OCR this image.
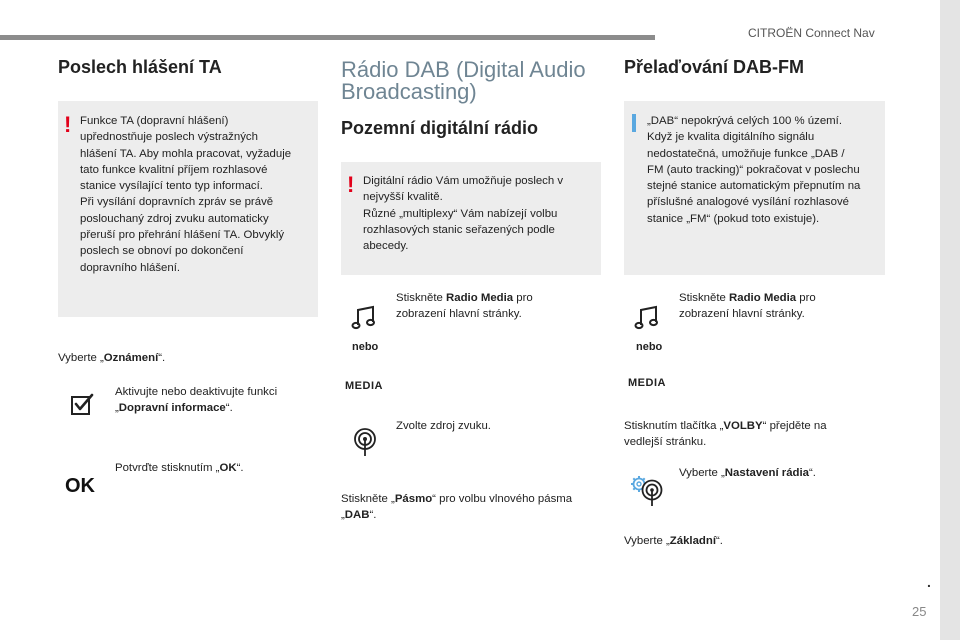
CITROËN Connect Nav
.
25
Poslech hlášení TA
! Funkce TA (dopravní hlášení)
upřednostňuje poslech výstražných
hlášení TA. Aby mohla pracovat, vyžaduje
tato funkce kvalitní příjem rozhlasové
stanice vysílající tento typ informací.
Při vysílání dopravních zpráv se právě
poslouchaný zdroj zvuku automaticky
přeruší pro přehrání hlášení TA. Obvyklý
poslech se obnoví po dokončení
dopravního hlášení.
Vyberte „Oznámení“.
Aktivujte nebo deaktivujte funkci
„Dopravní informace“.
OK
Potvrďte stisknutím „OK“.
Rádio DAB (Digital Audio
Broadcasting)
Pozemní digitální rádio
! Digitální rádio Vám umožňuje poslech v
nejvyšší kvalitě.
Různé „multiplexy“ Vám nabízejí volbu
rozhlasových stanic seřazených podle
abecedy.
nebo
MEDIA
Stiskněte Radio Media pro
zobrazení hlavní stránky.
Zvolte zdroj zvuku.
Stiskněte „Pásmo“ pro volbu vlnového pásma
„DAB“.
Přelaďování DAB-FM
„DAB“ nepokrývá celých 100 % území.
Když je kvalita digitálního signálu
nedostatečná, umožňuje funkce „DAB /
FM (auto tracking)“ pokračovat v poslechu
stejné stanice automatickým přepnutím na
příslušné analogové vysílání rozhlasové
stanice „FM“ (pokud toto existuje).
nebo
MEDIA
Stiskněte Radio Media pro
zobrazení hlavní stránky.
Stisknutím tlačítka „VOLBY“ přejděte na
vedlejší stránku.
Vyberte „Nastavení rádia“.
Vyberte „Základní“.
